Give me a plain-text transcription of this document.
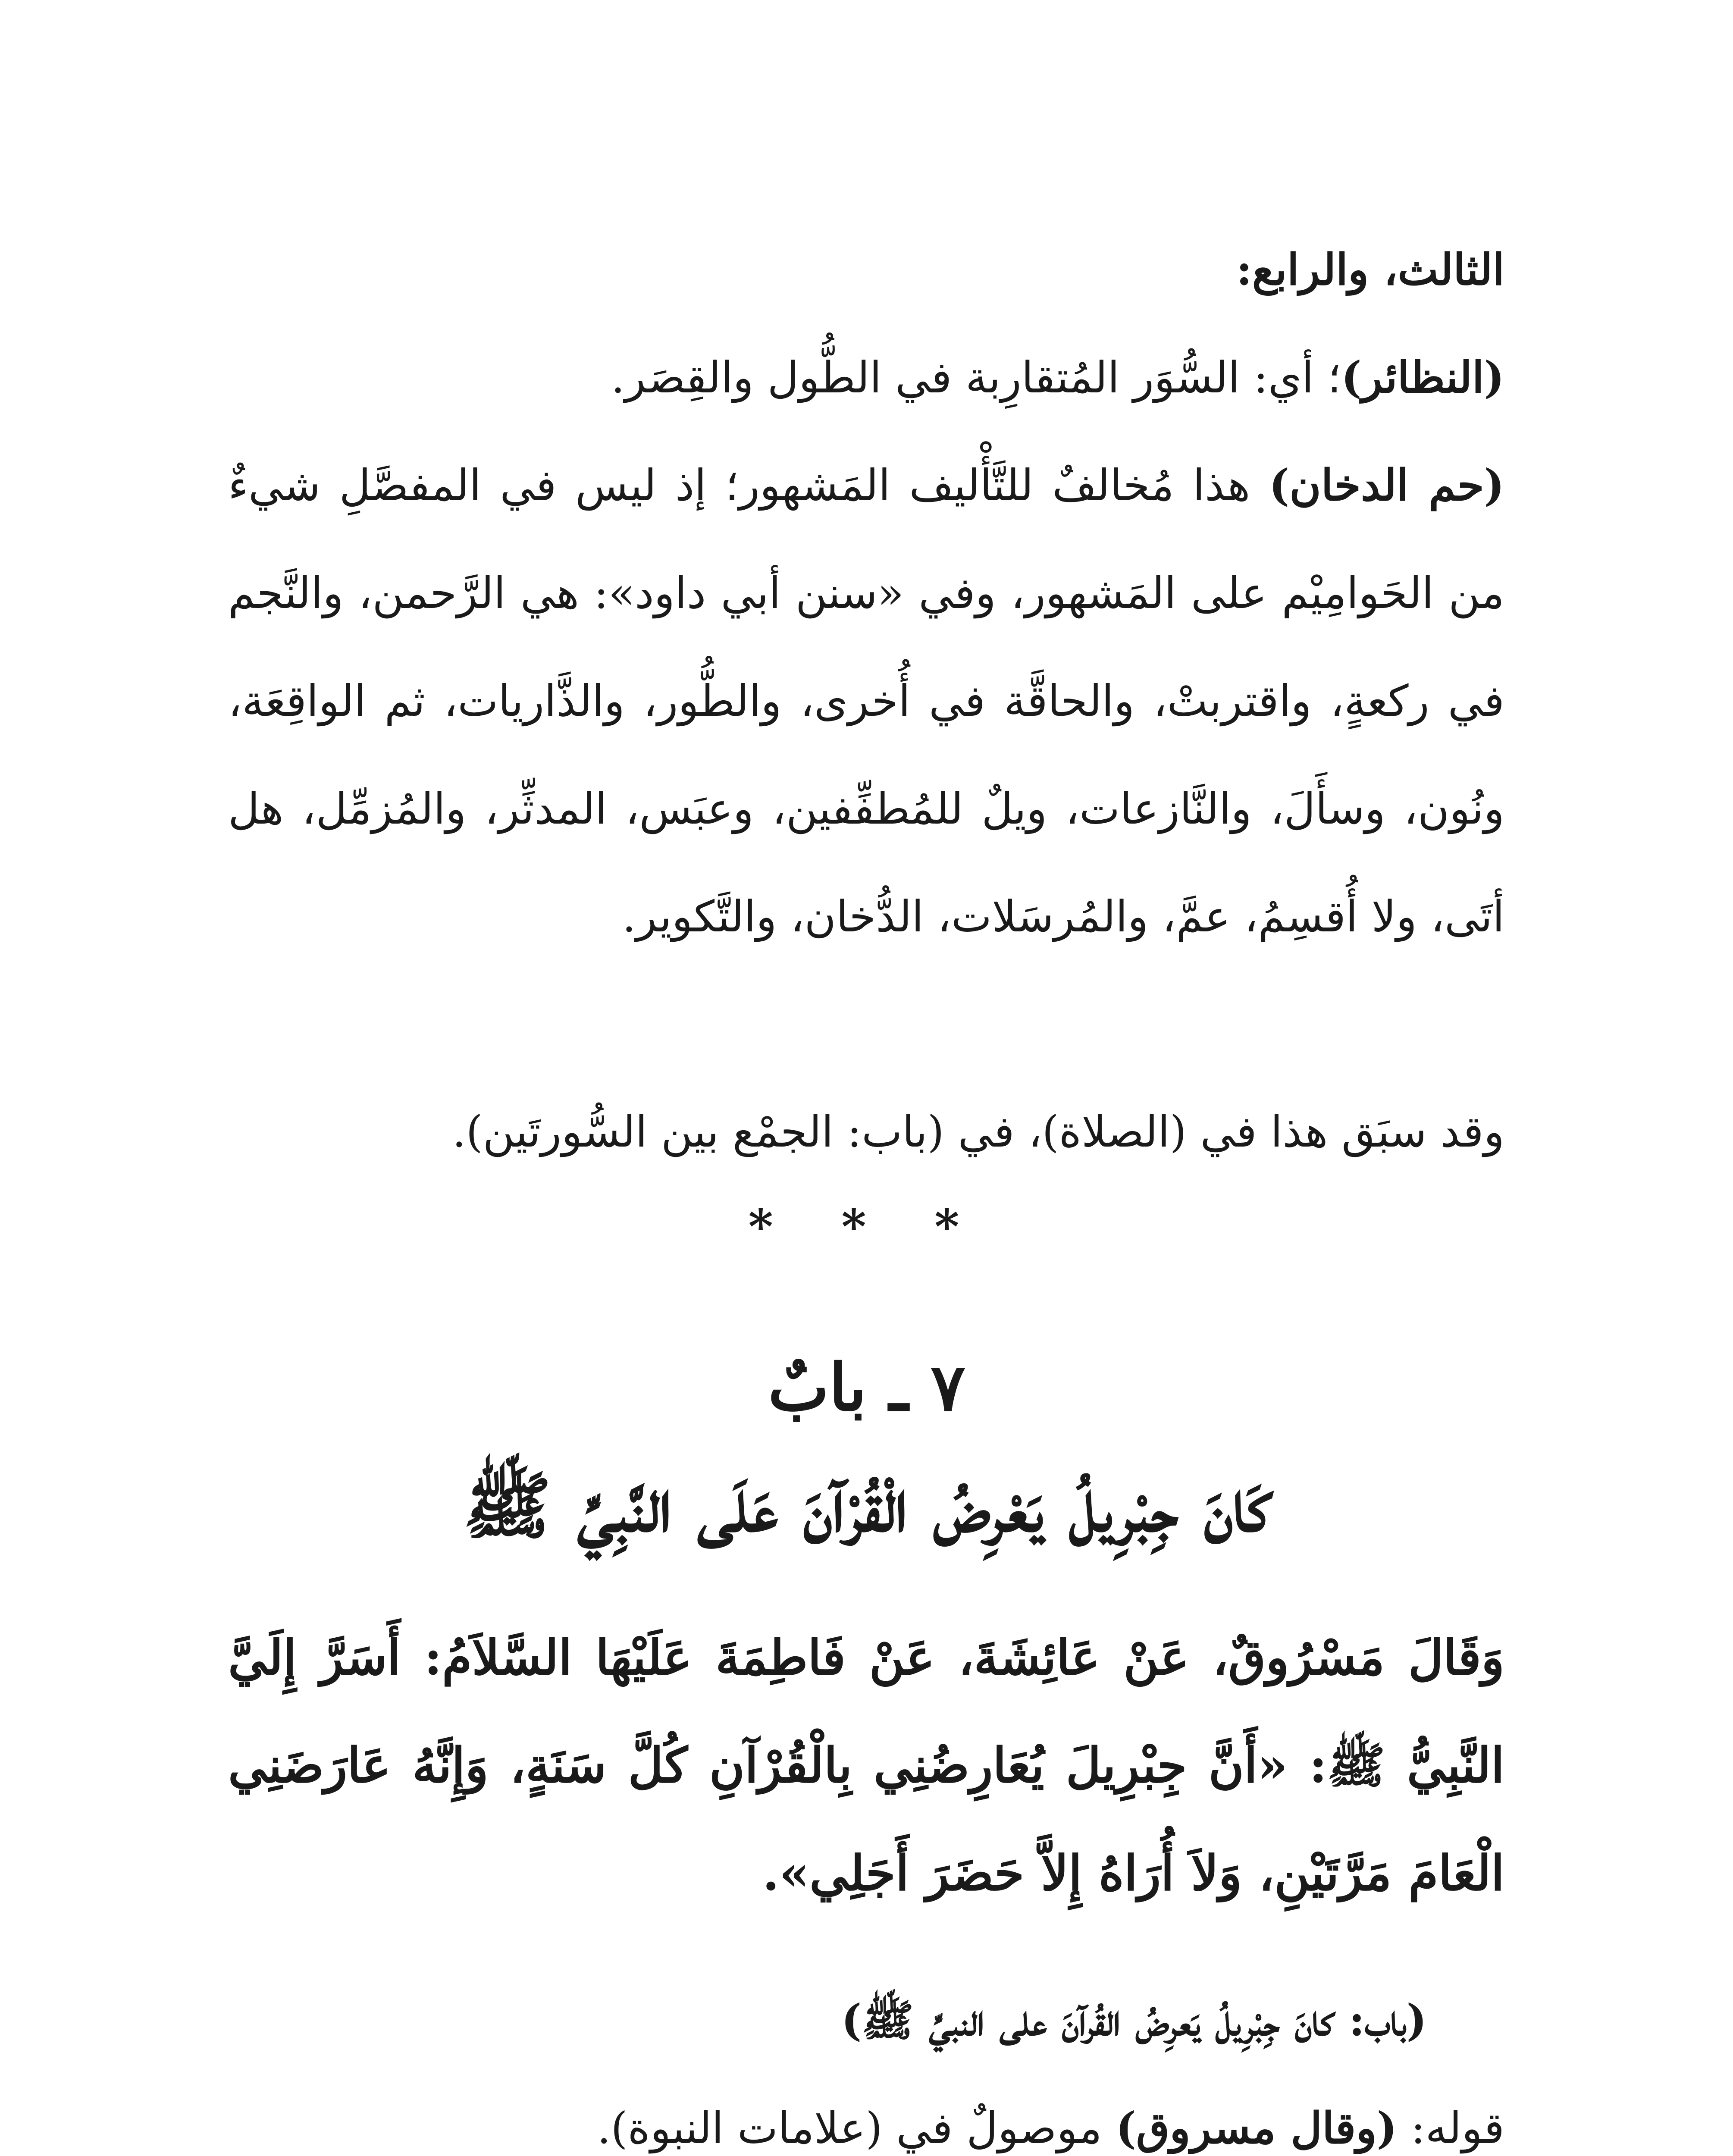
الثالث، والرابع:
(النظائر)؛ أي: السُّوَر المُتقارِبة في الطُّول والقِصَر.
(حم الدخان) هذا مُخالفٌ للتَّأْليف المَشهور؛ إذ ليس في المفصَّلِ شيءٌ من الحَوامِيْم على المَشهور، وفي «سنن أبي داود»: هي الرَّحمن، والنَّجم في ركعةٍ، واقتربتْ، والحاقَّة في أُخرى، والطُّور، والذَّاريات، ثم الواقِعَة، ونُون، وسأَلَ، والنَّازعات، ويلٌ للمُطفِّفين، وعبَس، المدثِّر، والمُزمِّل، هل أتَى، ولا أُقسِمُ، عمَّ، والمُرسَلات، الدُّخان، والتَّكوير.
وقد سبَق هذا في (الصلاة)، في (باب: الجمْع بين السُّورتَين).
* * *
٧ ـ بابٌ
كَانَ جِبْرِيلُ يَعْرِضُ الْقُرْآنَ عَلَى النَّبِيِّ ﷺ
وَقَالَ مَسْرُوقٌ، عَنْ عَائِشَةَ، عَنْ فَاطِمَةَ عَلَيْهَا السَّلاَمُ: أَسَرَّ إِلَيَّ النَّبِيُّ ﷺ: «أَنَّ جِبْرِيلَ يُعَارِضُنِي بِالْقُرْآنِ كُلَّ سَنَةٍ، وَإِنَّهُ عَارَضَنِي الْعَامَ مَرَّتَيْنِ، وَلاَ أُرَاهُ إِلاَّ حَضَرَ أَجَلِي».
(باب: كانَ جِبْرِيلُ يَعرِضُ القُرآنَ على النبيِّ ﷺ)
قوله: (وقال مسروق) موصولٌ في (علامات النبوة).
